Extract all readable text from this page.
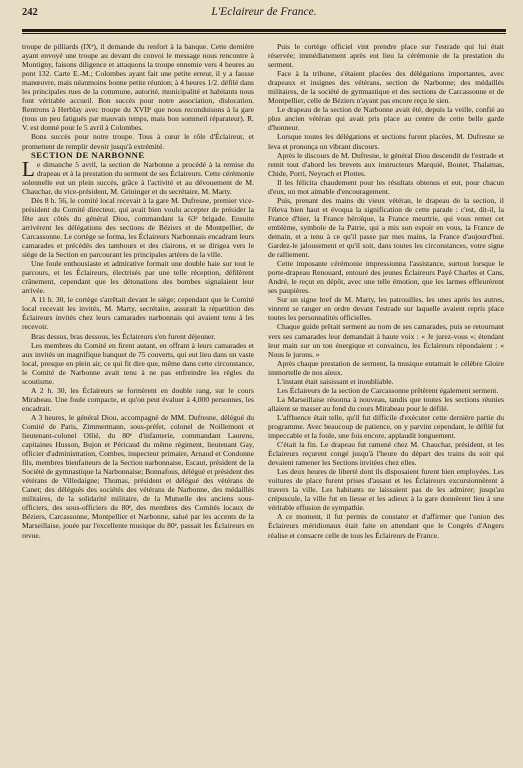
242	L'Eclaireur de France.

troupe de pilliards (IXᵉ), il demande du renfort à la banque. Cette dernière ayant envoyé une troupe au devant du convoi le message nous rencontre à Montigny, faisons diligence et attaquons la troupe ennemie vers 4 heures au pont 132. Carte E.-M.; Colombes ayant fait une petite erreur, il y a fausse manœuvre, mais néanmoins bonne petite réunion; à 4 heures 1/2. défilé dans les principales rues de la commune, autorité, municipalité et habitants nous font véritable accueil. Bon succès pour notre association, dislocation. Rentrons à Herblay avec troupe du XVIIᵉ que nous reconduisons à la gare (tous un peu fatigués par mauvais temps, mais bon sommeil réparateur). R. V. est donné pour le 5 avril à Colombes.

Bons succès pour notre troupe. Tous à cœur le rôle d'Éclaireur, et promettent de remplir devoir jusqu'à extrémité.

SECTION DE NARBONNE

Le dimanche 5 avril, la section de Narbonne a procédé à la remise du drapeau et à la prestation du serment de ses Éclaireurs. Cette cérémonie solennelle eut un plein succès, grâce à l'activité et au dévouement de M. Chauchar, du vice-président, M. Grininger et du secrétaire, M. Marty.

Dès 8 h. 56, le comité local recevait à la gare M. Dufresne, premier vice-président du Comité directeur, qui avait bien voulu accepter de présider la fête aux côtés du général Diou, commandant la 63ᵉ brigade. Ensuite arrivèrent les délégations des sections de Béziers et de Montpellier, de Carcassonne. Le cortège se forma, les Éclaireurs Narbonnais encadrant leurs camarades et précédés des tambours et des clairons, et se dirigea vers le siège de la Section en parcourant les principales artères de la ville.

Une foule enthousiaste et admirative formait une double haie sur tout le parcours, et les Éclaireurs, électrisés par une telle réception, défilèrent crânement, cependant que les détonations des bombes signalaient leur arrivée.

A 11 h. 30, le cortège s'arrêtait devant le siège; cependant que le Comité local recevait les invités, M. Marty, secrétaire, assurait la répartition des Éclaireurs invités chez leurs camarades narbonnais qui avaient tenu à les recevoir.

Bras dessus, bras dessous, les Éclaireurs s'en furent déjeuner.

Les membres du Comité en firent autant, en offrant à leurs camarades et aux invités un magnifique banquet de 75 couverts, qui eut lieu dans un vaste local, presque en plein air, ce qui fit dire que, même dans cette circonstance, le Comité de Narbonne avait tenu à ne pas enfreindre les règles du scoutisme.

A 2 h. 30, les Éclaireurs se formèrent en double rang, sur le cours Mirabeau. Une foule compacte, et qu'on peut évaluer à 4,000 personnes, les encadrait.

A 3 heures, le général Diou, accompagné de MM. Dufresne, délégué du Comité de Paris, Zimmermann, sous-préfet, colonel de Noillemont et lieutenant-colonel Ollié, du 80ᵉ d'infanterie, commandant Laurens, capitaines Husson, Bujon et Péricaud du même régiment, lieutenant Gay, officier d'administration, Combes, inspecteur primaire, Arnaud et Condonne fils, membres bienfaiteurs de la Section narbonnaise, Escaut, président de la Société de gymnastique la Narbonnaise; Bonnafous, délégué et président des vétérans de Villedaigne; Thomas, président et délégué des vétérans de Canet; des délégués des sociétés des vétérans de Narbonne, des médaillés militaires, de la solidarité militaire, de la Mutuelle des anciens sous-officiers, des sous-officiers du 80ᵉ, des membres des Comités locaux de Béziers, Carcassonne, Montpellier et Narbonne, salué par les accents de la Marseillaise, jouée par l'excellente musique du 80ᵉ, passait les Éclaireurs en revue.

Puis le cortège officiel vint prendre place sur l'estrade qui lui était réservée; immédiatement après eut lieu la cérémonie de la prestation du serment.

Face à la tribune, s'étaient placées des délégations importantes, avec drapeaux et insignes des vétérans, section de Narbonne; des médaillés militaires, de la société de gymnastique et des sections de Carcassonne et de Montpellier, celle de Béziers n'ayant pas encore reçu le sien.

Le drapeau de la section de Narbonne avait été, depuis la veille, confié au plus ancien vétéran qui avait pris place au centre de cette belle garde d'honneur.

Lorsque toutes les délégations et sections furent placées, M. Dufresne se leva et prononça un vibrant discours.

Après le discours de M. Dufresne, le général Diou descendit de l'estrade et remit tout d'abord les brevets aux instructeurs Marquié, Boutet, Thalamas, Chide, Porri, Neyrach et Plottes.

Il les félicita chaudement pour les résultats obtenus et eut, pour chacun d'eux, un mot aimable d'encouragement.

Puis, prenant des mains du vieux vétéran, le drapeau de la section, il l'éleva bien haut et évoqua la signification de cette parade : c'est, dit-il, la France d'hier, la France héroïque, la France meurtrie, qui vous remet cet emblème, symbole de la Patrie, qui a mis son espoir en vous, la France de demain, et a tenu à ce qu'il passe par mes mains, la France d'aujourd'hui. Gardez-le jalousement et qu'il soit, dans toutes les circonstances, votre signe de ralliement.

Cette imposante cérémonie impressionna l'assistance, surtout lorsque le porte-drapeau Renouard, entouré des jeunes Éclaireurs Payé Charles et Cans, André, le reçut en dépôt, avec une telle émotion, que les larmes effleurèrent ses paupières.

Sur un signe bref de M. Marty, les patrouilles, les unes après les autres, vinrent se ranger en ordre devant l'estrade sur laquelle avaient repris place toutes les personnalités officielles.

Chaque guide prêtait serment au nom de ses camarades, puis se retournant vers ses camarades leur demandait à haute voix : « Je jurez-vous »; étendant leur main sur un ton énergique et convaincu, les Éclaireurs répondaient : « Nous le jurons. »

Après chaque prestation de serment, la musique entamait le célèbre Gloire immortelle de nos aïeux.

L'instant était saisissant et inoubliable.

Les Éclaireurs de la section de Carcassonne prêtèrent également serment.

La Marseillaise résonna à nouveau, tandis que toutes les sections réunies allaient se masser au fond du cours Mirabeau pour le défilé.

L'affluence était telle, qu'il fut difficile d'exécuter cette dernière partie du programme. Avec beaucoup de patience, on y parvint cependant, le défilé fut impeccable et la foule, une fois encore, applaudit longuement.

C'était la fin. Le drapeau fut ramené chez M. Chauchar, président, et les Éclaireurs reçurent congé jusqu'à l'heure du départ des trains du soir qui devaient ramener les Sections invitées chez elles.

Les deux heures de liberté dont ils disposaient furent bien employées. Les voitures de place furent prises d'assaut et les Éclaireurs excursionnèrent à travers la ville. Les habitants ne laissaient pas de les admirer; jusqu'au crépuscule, la ville fut en liesse et les adieux à la gare donnèrent lieu à une véritable effusion de sympathie.

A ce moment, il fut permis de constater et d'affirmer que l'union des Éclaireurs méridionaux était faite en attendant que le Congrès d'Angers réalise et consacre celle de tous les Éclaireurs de France.
